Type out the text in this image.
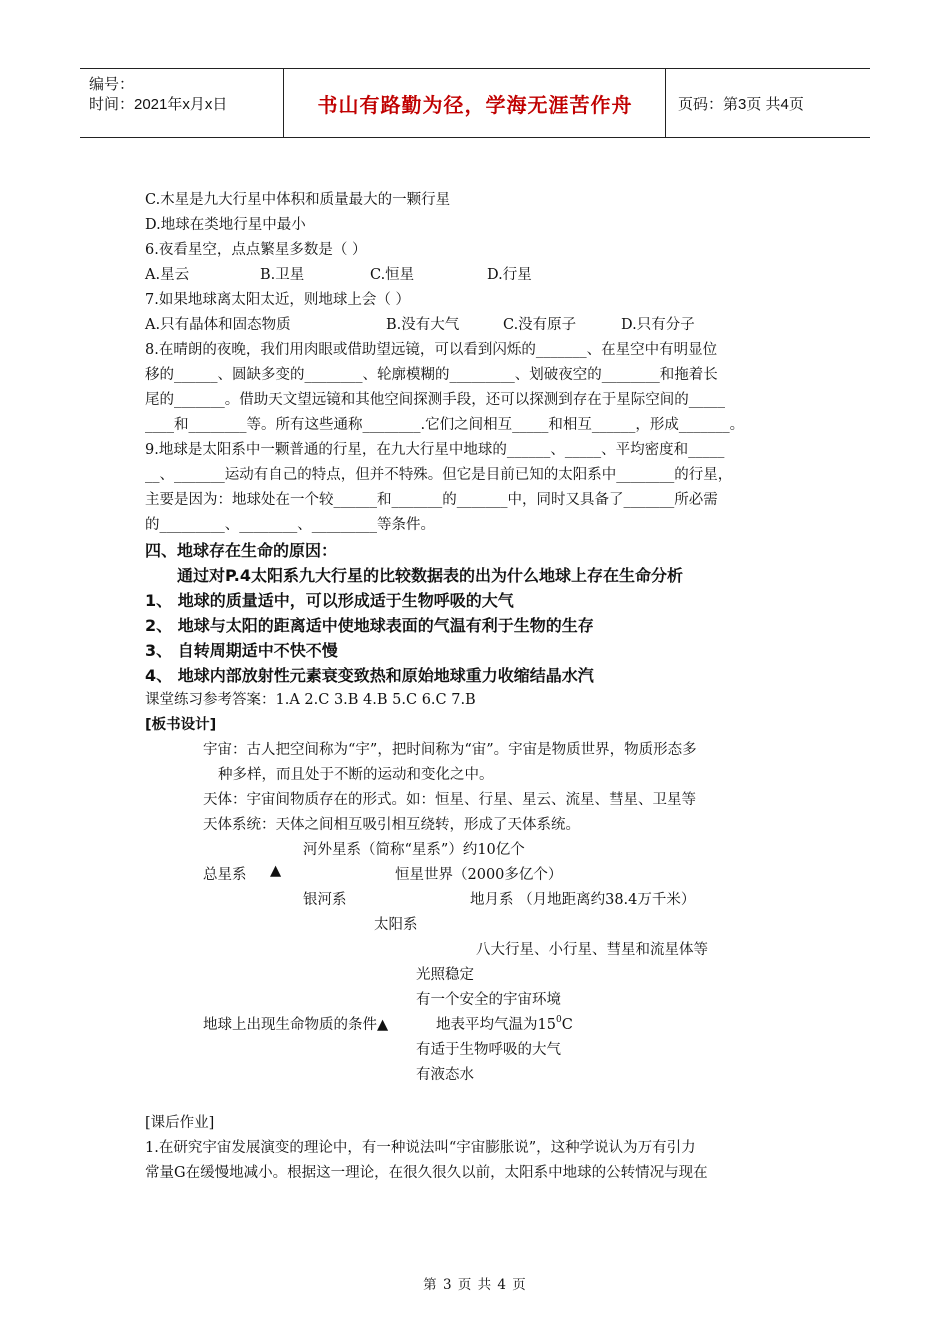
编号：
时间：2021年x月x日	书山有路勤为径，学海无涯苦作舟	页码：第3页 共4页
C.木星是九大行星中体积和质量最大的一颗行星
D.地球在类地行星中最小
6.夜看星空，点点繁星多数是（ ）
A.星云	B.卫星	C.恒星	D.行星
7.如果地球离太阳太近，则地球上会（ ）
A.只有晶体和固态物质	B.没有大气	C.没有原子	D.只有分子
8.在晴朗的夜晚，我们用肉眼或借助望远镜，可以看到闪烁的_______、在星空中有明显位
移的______、圆缺多变的________、轮廓模糊的_________、划破夜空的________和拖着长
尾的_______。借助天文望远镜和其他空间探测手段，还可以探测到存在于星际空间的_____
____和________等。所有这些通称________.它们之间相互_____和相互______，形成_______。
9.地球是太阳系中一颗普通的行星，在九大行星中地球的______、_____、平均密度和_____
__、_______运动有自己的特点，但并不特殊。但它是目前已知的太阳系中________的行星，
主要是因为：地球处在一个较______和_______的_______中，同时又具备了_______所必需
的_________、________、_________等条件。
四、地球存在生命的原因：
通过对P.4太阳系九大行星的比较数据表的出为什么地球上存在生命分析
1、 地球的质量适中，可以形成适于生物呼吸的大气
2、 地球与太阳的距离适中使地球表面的气温有利于生物的生存
3、 自转周期适中不快不慢
4、 地球内部放射性元素衰变致热和原始地球重力收缩结晶水汽
课堂练习参考答案：1.A 2.C 3.B 4.B 5.C 6.C 7.B
[板书设计]
宇宙：古人把空间称为“宇”，把时间称为“宙”。宇宙是物质世界，物质形态多
种多样，而且处于不断的运动和变化之中。
天体：宇宙间物质存在的形式。如：恒星、行星、星云、流星、彗星、卫星等
天体系统：天体之间相互吸引相互绕转，形成了天体系统。
河外星系（简称“星系”）约10亿个
总星系 ▲	恒星世界（2000多亿个）
银河系	地月系 （月地距离约38.4万千米）
太阳系
八大行星、小行星、彗星和流星体等
光照稳定
有一个安全的宇宙环境
地球上出现生命物质的条件▲	地表平均气温为$15^0C$
有适于生物呼吸的大气
有液态水
[课后作业]
1.在研究宇宙发展演变的理论中，有一种说法叫“宇宙膨胀说”，这种学说认为万有引力
常量G在缓慢地减小。根据这一理论，在很久很久以前，太阳系中地球的公转情况与现在
第 3 页 共 4 页
